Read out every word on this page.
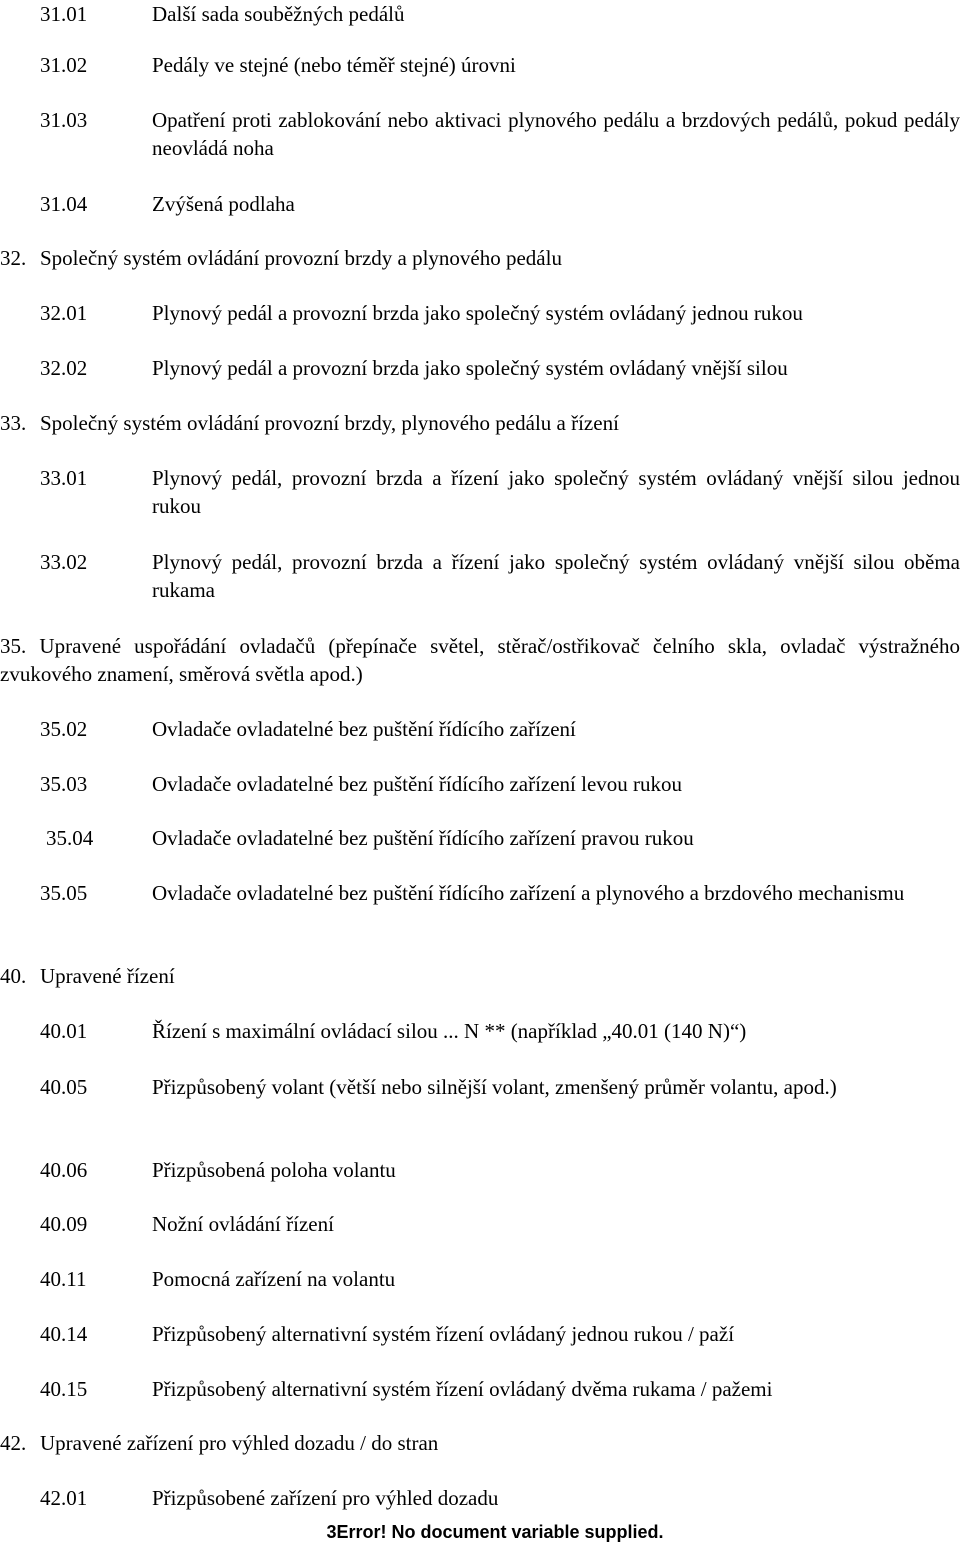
31.01	Další sada souběžných pedálů
31.02	Pedály ve stejné (nebo téměř stejné) úrovni
31.03	Opatření proti zablokování nebo aktivaci plynového pedálu a brzdových pedálů, pokud pedály neovládá noha
31.04	Zvýšená podlaha
32. Společný systém ovládání provozní brzdy a plynového pedálu
32.01	Plynový pedál a provozní brzda jako společný systém ovládaný jednou rukou
32.02	Plynový pedál a provozní brzda jako společný systém ovládaný vnější silou
33. Společný systém ovládání provozní brzdy, plynového pedálu a řízení
33.01	Plynový pedál, provozní brzda a řízení jako společný systém ovládaný vnější silou jednou rukou
33.02	Plynový pedál, provozní brzda a řízení jako společný systém ovládaný vnější silou oběma rukama
35. Upravené uspořádání ovladačů (přepínače světel, stěrač/ostřikovač čelního skla, ovladač výstražného zvukového znamení, směrová světla apod.)
35.02	Ovladače ovladatelné bez puštění řídícího zařízení
35.03	Ovladače ovladatelné bez puštění řídícího zařízení levou rukou
35.04	Ovladače ovladatelné bez puštění řídícího zařízení pravou rukou
35.05	Ovladače ovladatelné bez puštění řídícího zařízení a plynového a brzdového mechanismu
40. Upravené řízení
40.01	Řízení s maximální ovládací silou ... N ** (například „40.01 (140 N)“)
40.05	Přizpůsobený volant (větší nebo silnější volant, zmenšený průměr volantu, apod.)
40.06	Přizpůsobená poloha volantu
40.09	Nožní ovládání řízení
40.11	Pomocná zařízení na volantu
40.14	Přizpůsobený alternativní systém řízení ovládaný jednou rukou / paží
40.15	Přizpůsobený alternativní systém řízení ovládaný dvěma rukama / pažemi
42. Upravené zařízení pro výhled dozadu / do stran
42.01	Přizpůsobené zařízení pro výhled dozadu
3Error! No document variable supplied.
